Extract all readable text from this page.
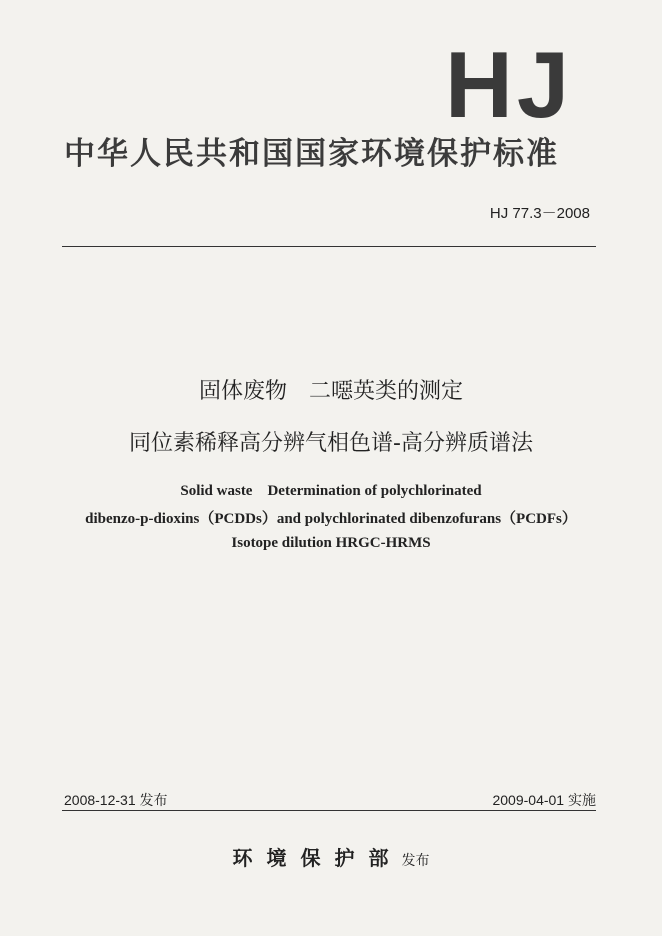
HJ
中华人民共和国国家环境保护标准
HJ 77.3－2008
固体废物　二噁英类的测定
同位素稀释高分辨气相色谱-高分辨质谱法
Solid waste　Determination of polychlorinated
dibenzo-p-dioxins（PCDDs）and polychlorinated dibenzofurans（PCDFs）
Isotope dilution HRGC-HRMS
2008-12-31 发布	2009-04-01 实施
环境保护部 发布
